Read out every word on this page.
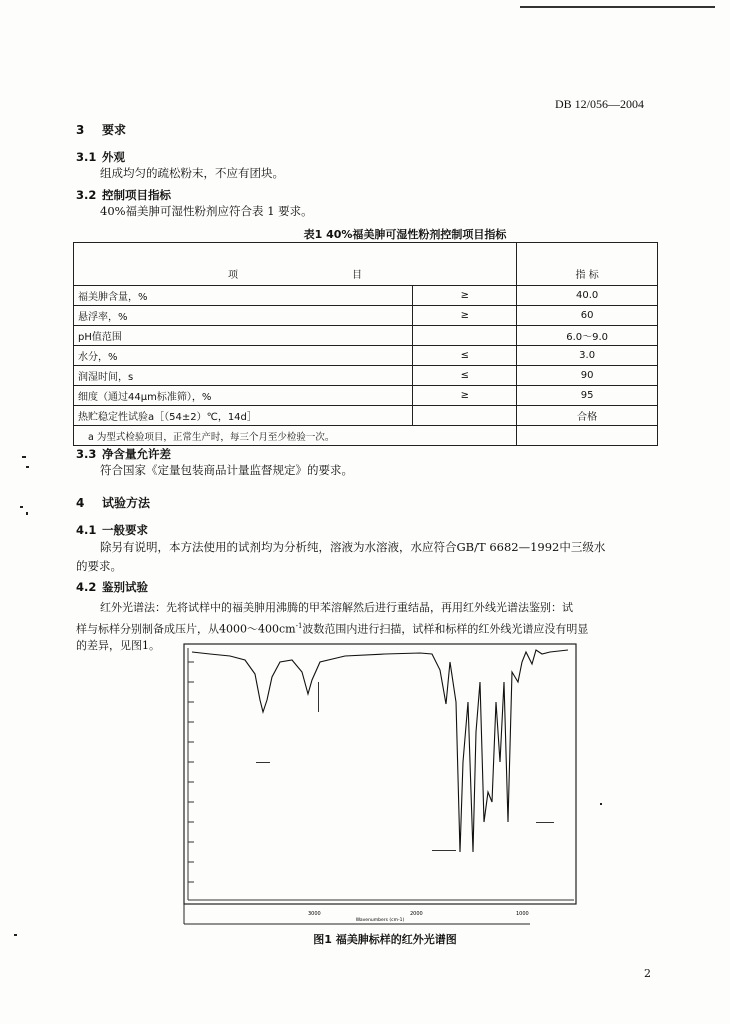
DB 12/056—2004
3 要求
3.1 外观
组成均匀的疏松粉末，不应有团块。
3.2 控制项目指标
40%福美胂可湿性粉剂应符合表 1 要求。
表1 40%福美胂可湿性粉剂控制项目指标
项 目		指 标
福美胂含量，%	≥	40.0
悬浮率，%	≥	60
pH值范围		6.0～9.0
水分，%	≤	3.0
润湿时间，s	≤	90
细度（通过44μm标准筛），%	≥	95
热贮稳定性试验a［（54±2）℃，14d］		合格
a 为型式检验项目，正常生产时，每三个月至少检验一次。		
3.3 净含量允许差
符合国家《定量包装商品计量监督规定》的要求。
4 试验方法
4.1 一般要求
除另有说明，本方法使用的试剂均为分析纯，溶液为水溶液，水应符合GB/T 6682—1992中三级水
的要求。
4.2 鉴别试验
红外光谱法：先将试样中的福美胂用沸腾的甲苯溶解然后进行重结晶，再用红外线光谱法鉴别：试
样与标样分别制备成压片，从$4000\sim 400cm^{-1}$波数范围内进行扫描，试样和标样的红外线光谱应没有明显
的差异，见图1。
3000	2000	1000
Wavenumbers (cm-1)
图1 福美胂标样的红外光谱图
2
